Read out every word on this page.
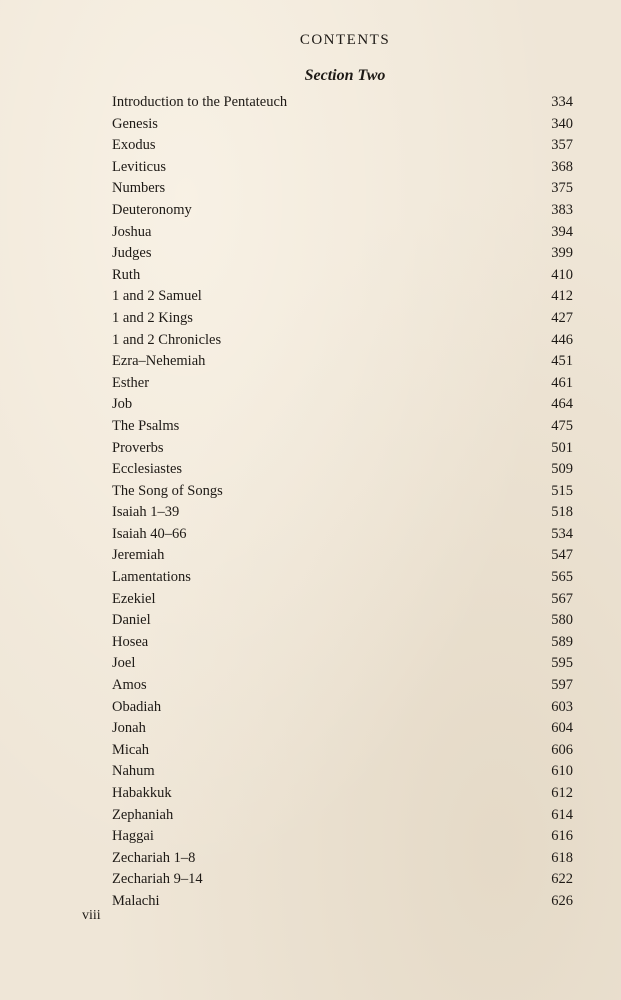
CONTENTS
Section Two
Introduction to the Pentateuch	334
Genesis	340
Exodus	357
Leviticus	368
Numbers	375
Deuteronomy	383
Joshua	394
Judges	399
Ruth	410
1 and 2 Samuel	412
1 and 2 Kings	427
1 and 2 Chronicles	446
Ezra–Nehemiah	451
Esther	461
Job	464
The Psalms	475
Proverbs	501
Ecclesiastes	509
The Song of Songs	515
Isaiah 1–39	518
Isaiah 40–66	534
Jeremiah	547
Lamentations	565
Ezekiel	567
Daniel	580
Hosea	589
Joel	595
Amos	597
Obadiah	603
Jonah	604
Micah	606
Nahum	610
Habakkuk	612
Zephaniah	614
Haggai	616
Zechariah 1–8	618
Zechariah 9–14	622
Malachi	626

viii
